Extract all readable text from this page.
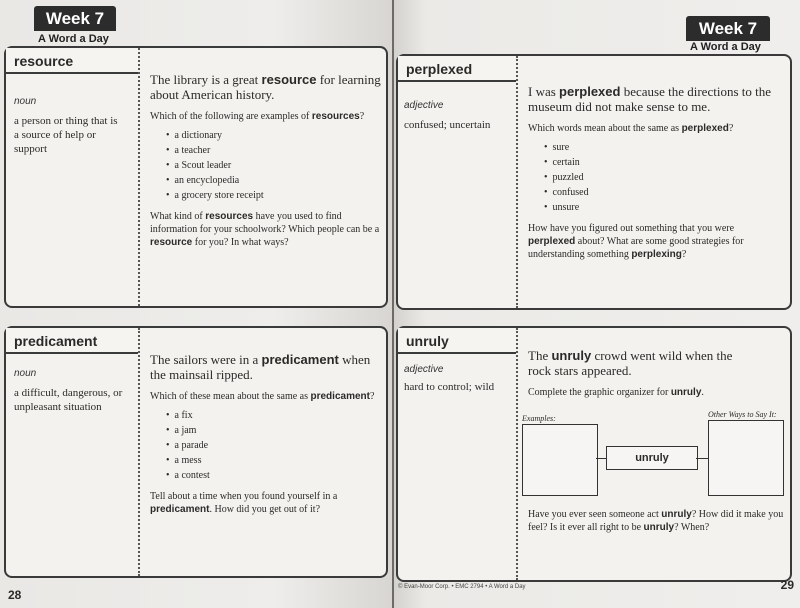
Week 7
A Word a Day
resource
noun
a person or thing that is a source of help or support

The library is a great resource for learning about American history.

Which of the following are examples of resources?

• a dictionary
• a teacher
• a Scout leader
• an encyclopedia
• a grocery store receipt

What kind of resources have you used to find information for your schoolwork? Which people can be a resource for you? In what ways?

predicament
noun
a difficult, dangerous, or unpleasant situation

The sailors were in a predicament when the mainsail ripped.

Which of these mean about the same as predicament?

• a fix
• a jam
• a parade
• a mess
• a contest

Tell about a time when you found yourself in a predicament. How did you get out of it?

28
Week 7
A Word a Day
perplexed
adjective
confused; uncertain

I was perplexed because the directions to the museum did not make sense to me.

Which words mean about the same as perplexed?

• sure
• certain
• puzzled
• confused
• unsure

How have you figured out something that you were perplexed about? What are some good strategies for understanding something perplexing?

unruly
adjective
hard to control; wild

The unruly crowd went wild when the rock stars appeared.

Complete the graphic organizer for unruly.

Examples:	Other Ways to Say It:
unruly

Have you ever seen someone act unruly? How did it make you feel? Is it ever all right to be unruly? When?

© Evan-Moor Corp. • EMC 2794 • A Word a Day	29
